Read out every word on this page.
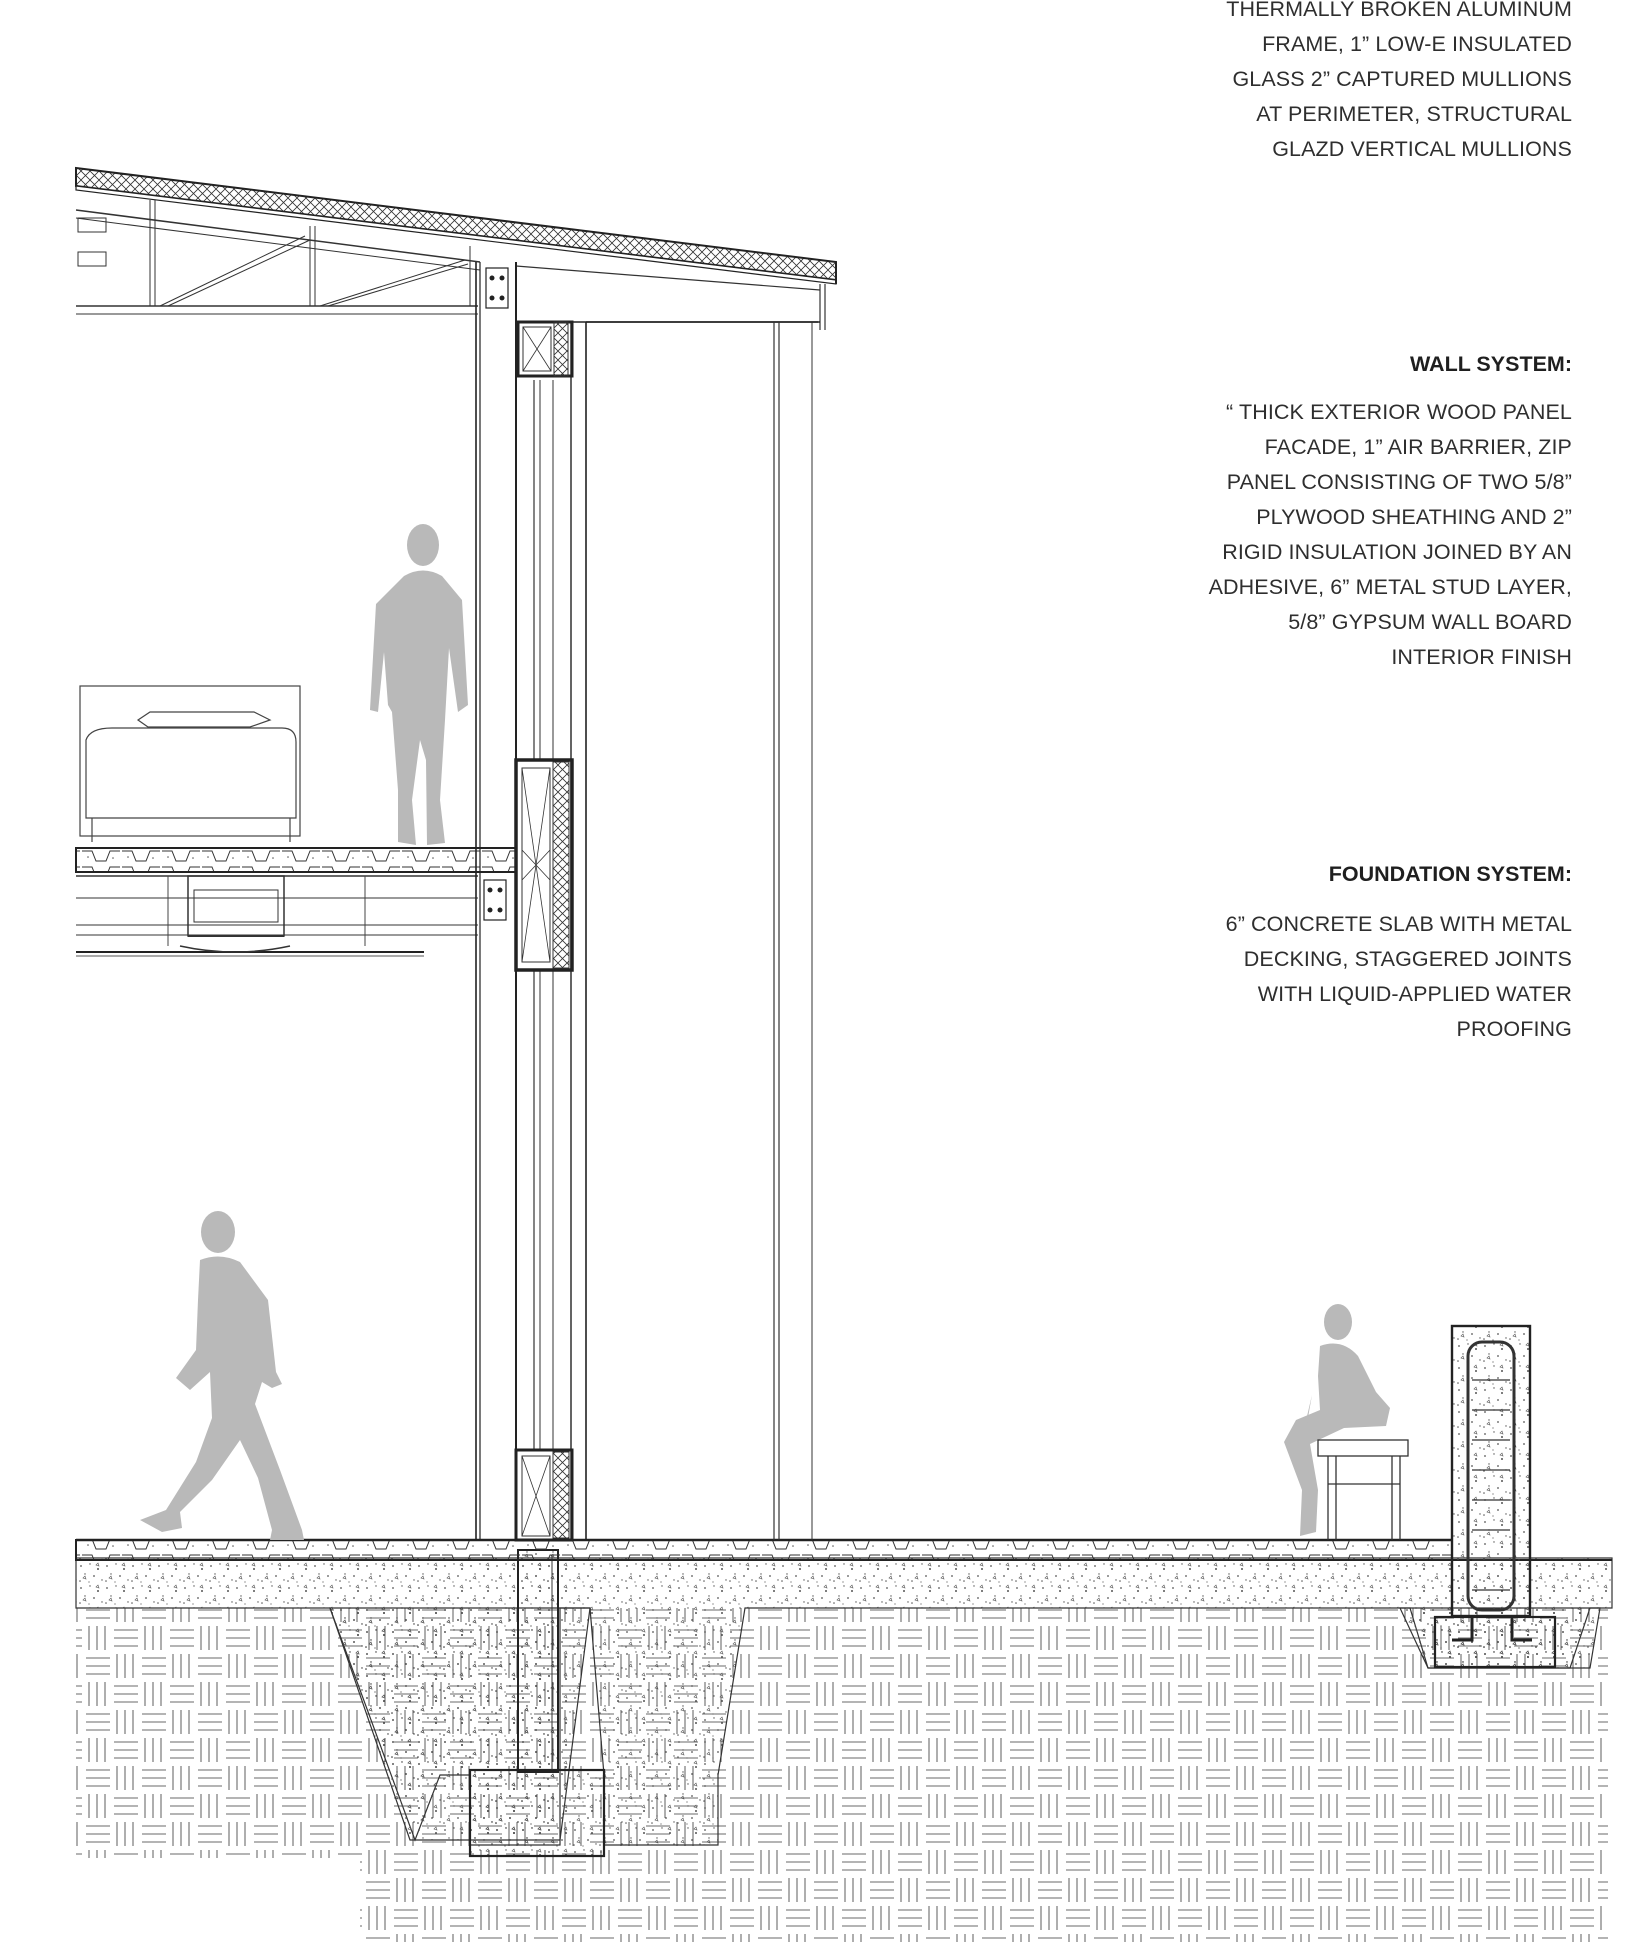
THERMALLY BROKEN ALUMINUM
FRAME, 1” LOW-E INSULATED
GLASS 2” CAPTURED MULLIONS
AT PERIMETER, STRUCTURAL
GLAZD VERTICAL MULLIONS
WALL SYSTEM:
“ THICK EXTERIOR WOOD PANEL
FACADE, 1” AIR BARRIER, ZIP
PANEL CONSISTING OF TWO 5/8”
PLYWOOD SHEATHING AND 2”
RIGID INSULATION JOINED BY AN
ADHESIVE, 6” METAL STUD LAYER,
5/8” GYPSUM WALL BOARD
INTERIOR FINISH
FOUNDATION SYSTEM:
6” CONCRETE SLAB WITH METAL
DECKING, STAGGERED JOINTS
WITH LIQUID-APPLIED WATER
PROOFING
